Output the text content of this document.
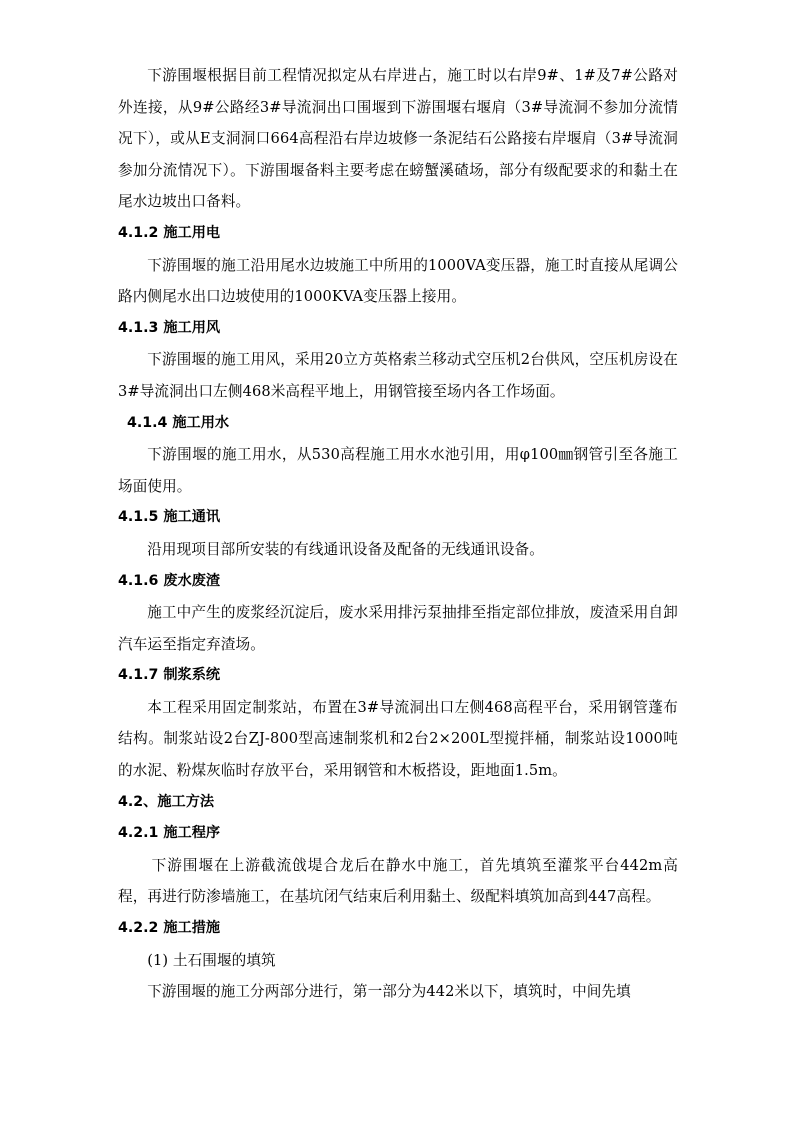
下游围堰根据目前工程情况拟定从右岸进占，施工时以右岸9#、1#及7#公路对外连接，从9#公路经3#导流洞出口围堰到下游围堰右堰肩（3#导流洞不参加分流情况下），或从E支洞洞口664高程沿右岸边坡修一条泥结石公路接右岸堰肩（3#导流洞参加分流情况下）。下游围堰备料主要考虑在螃蟹溪碴场，部分有级配要求的和黏土在尾水边坡出口备料。

4.1.2 施工用电

下游围堰的施工沿用尾水边坡施工中所用的1000VA变压器，施工时直接从尾调公路内侧尾水出口边坡使用的1000KVA变压器上接用。

4.1.3 施工用风

下游围堰的施工用风，采用20立方英格索兰移动式空压机2台供风，空压机房设在3#导流洞出口左侧468米高程平地上，用钢管接至场内各工作场面。

4.1.4 施工用水

下游围堰的施工用水，从530高程施工用水水池引用，用φ100㎜钢管引至各施工场面使用。

4.1.5 施工通讯

沿用现项目部所安装的有线通讯设备及配备的无线通讯设备。

4.1.6 废水废渣

施工中产生的废浆经沉淀后，废水采用排污泵抽排至指定部位排放，废渣采用自卸汽车运至指定弃渣场。

4.1.7 制浆系统

本工程采用固定制浆站，布置在3#导流洞出口左侧468高程平台，采用钢管蓬布结构。制浆站设2台ZJ-800型高速制浆机和2台2×200L型搅拌桶，制浆站设1000吨的水泥、粉煤灰临时存放平台，采用钢管和木板搭设，距地面1.5m。

4.2、施工方法
4.2.1 施工程序

下游围堰在上游截流戗堤合龙后在静水中施工，首先填筑至灌浆平台442m高程，再进行防渗墙施工，在基坑闭气结束后利用黏土、级配料填筑加高到447高程。

4.2.2 施工措施

(1) 土石围堰的填筑

下游围堰的施工分两部分进行，第一部分为442米以下，填筑时，中间先填
